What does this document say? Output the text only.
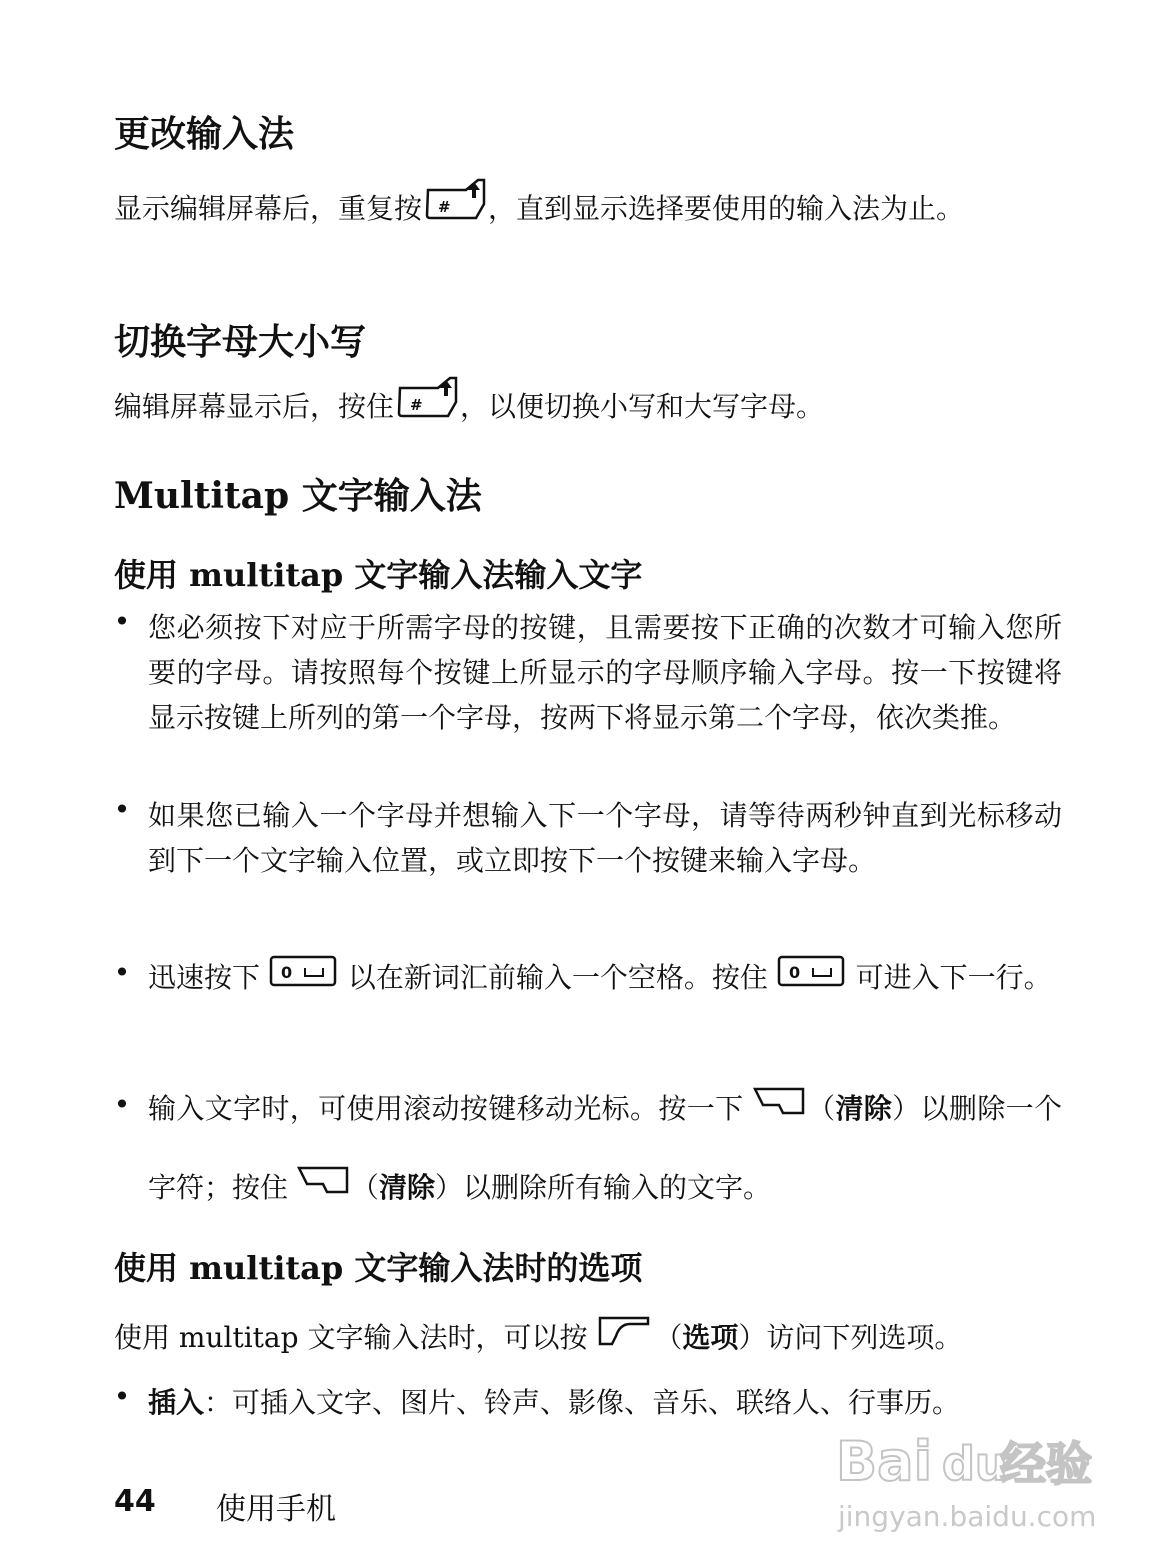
更改输入法

显示编辑屏幕后，重复按 # ，直到显示选择要使用的输入法为止。

切换字母大小写

编辑屏幕显示后，按住 # ，以便切换小写和大写字母。

Multitap 文字输入法
使用 multitap 文字输入法输入文字
• 您必须按下对应于所需字母的按键，且需要按下正确的次数才可输入您所要的字母。请按照每个按键上所显示的字母顺序输入字母。按一下按键将显示按键上所列的第一个字母，按两下将显示第二个字母，依次类推。
• 如果您已输入一个字母并想输入下一个字母，请等待两秒钟直到光标移动到下一个文字输入位置，或立即按下一个按键来输入字母。
• 迅速按下 0 以在新词汇前输入一个空格。按住 0 可进入下一行。
• 输入文字时，可使用滚动按键移动光标。按一下 （清除）以删除一个字符；按住 （清除）以删除所有输入的文字。
使用 multitap 文字输入法时的选项

使用 multitap 文字输入法时，可以按 （选项）访问下列选项。

• 插入：可插入文字、图片、铃声、影像、音乐、联络人、行事历。
44 使用手机
Bai du
经验
jingyan.baidu.com
